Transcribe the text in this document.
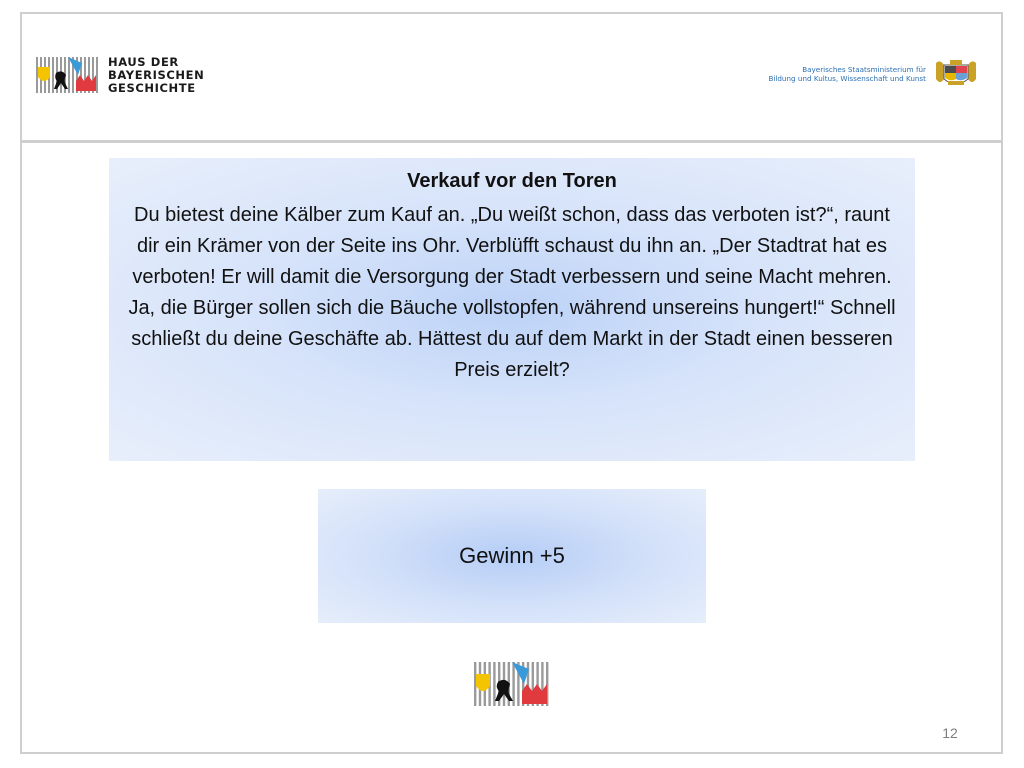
HAUS DER
BAYERISCHEN
GESCHICHTE
Bayerisches Staatsministerium für
Bildung und Kultus, Wissenschaft und Kunst
Verkauf vor den Toren
Du bietest deine Kälber zum Kauf an. „Du weißt schon, dass das verboten ist?“, raunt dir ein Krämer von der Seite ins Ohr. Verblüfft schaust du ihn an. „Der Stadtrat hat es verboten! Er will damit die Versorgung der Stadt verbessern und seine Macht mehren. Ja, die Bürger sollen sich die Bäuche vollstopfen, während unsereins hungert!“ Schnell schließt du deine Geschäfte ab. Hättest du auf dem Markt in der Stadt einen besseren Preis erzielt?
Gewinn +5
12
